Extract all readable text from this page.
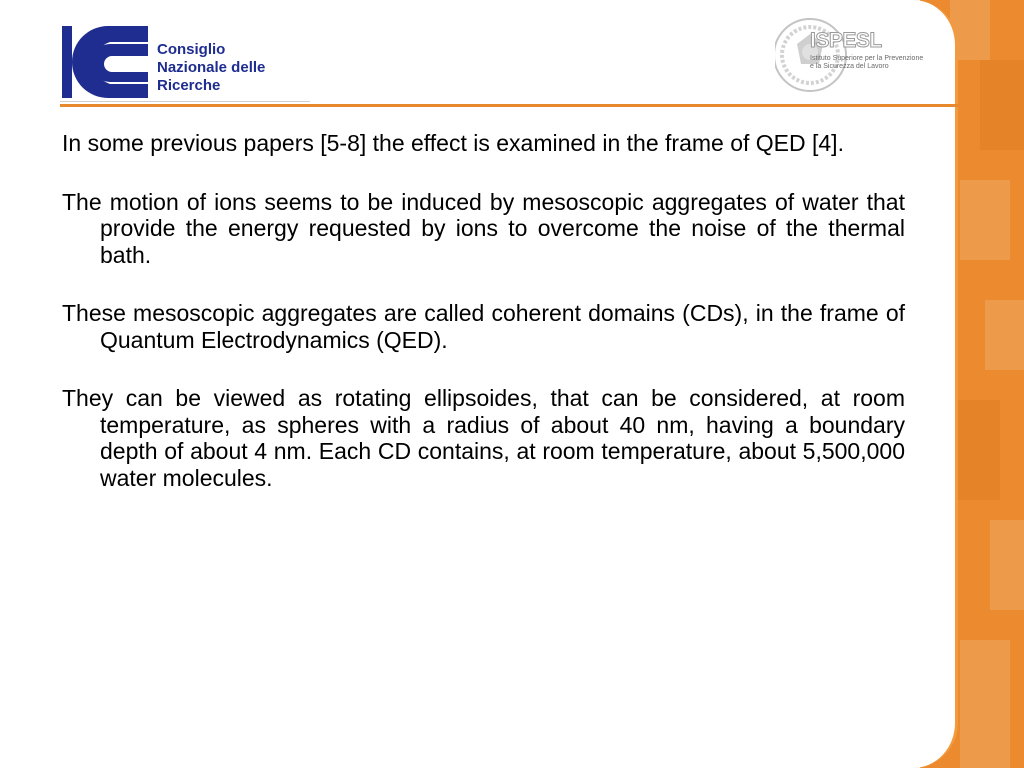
Consiglio
Nazionale delle
Ricerche
ISPESL
Istituto Superiore per la Prevenzione
e la Sicurezza del Lavoro

In some previous papers [5-8] the effect is examined in the frame of QED [4].

The motion of ions seems to be induced by mesoscopic aggregates of water that provide the energy requested by ions to overcome the noise of the thermal bath.

These mesoscopic aggregates are called coherent domains (CDs), in the frame of Quantum Electrodynamics (QED).

They can be viewed as rotating ellipsoides, that can be considered, at room temperature, as spheres with a radius of about 40 nm, having a boundary depth of about 4 nm. Each CD contains, at room temperature, about 5,500,000 water molecules.
